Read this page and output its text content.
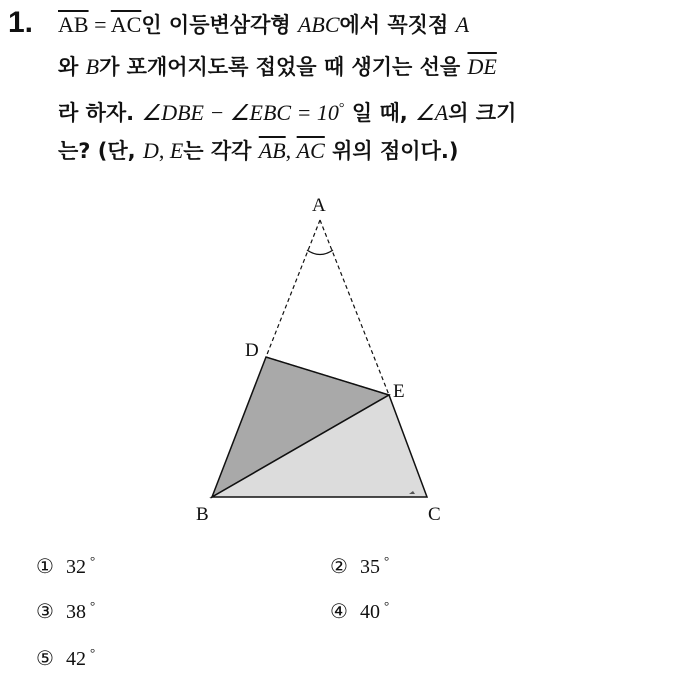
1. $\overline{AB} = \overline{AC}$인 이등변삼각형 ABC에서 꼭짓점 A
와 B가 포개어지도록 접었을 때 생기는 선을 $\overline{DE}$
라 하자. ∠DBE − ∠EBC = 10° 일 때, ∠A의 크기
는? (단, D, E는 각각 $\overline{AB}$, $\overline{AC}$ 위의 점이다.)
A
D
E
B	C
① 32 °	② 35 °
③ 38 °	④ 40 °
⑤ 42 °
